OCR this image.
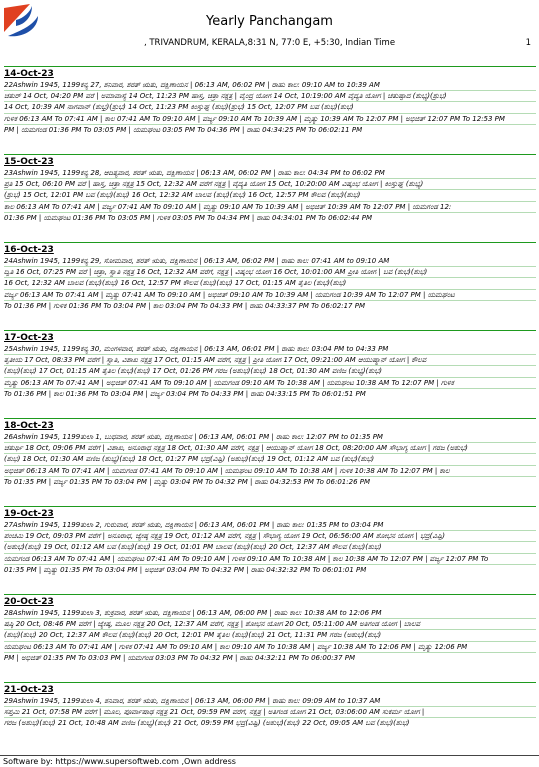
Yearly Panchangam
, TRIVANDRUM, KERALA,8:31 N, 77:0 E, +5:30, Indian Time	1
14-Oct-23
22Ashwin 1945, 1199ಕನ್ಯ 27, ಶನಿವಾರ, ಶರತ್ ಋತು, ದಕ್ಷಿಣಾಯನ | 06:13 AM, 06:02 PM | ರಾಹು ಕಾಲ: 09:10 AM to 10:39 AM
ಚತುರ್ 14 Oct, 04:20 PM ವರೆ | ಅಮಾವಾಸ್ಯೆ 14 Oct, 11:23 PM ಹಾಸ್ತ, ಚಿತ್ರಾ ನಕ್ಷತ್ರ | ವೈಂದ್ರ ಯೋಗ 14 Oct, 10:19:00 AM ವೈದ್ಯತಿ ಯೋಗ | ಚತುಷ್ಪಾದ (ಶುಭ್ಯ)(ಶ್ರುಭ)
14 Oct, 10:39 AM ನಾಗವಾನ್ (ಶುಭ್ರ)(ಶ್ರುಭ) 14 Oct, 11:23 PM ಕಿಂಸ್ತುಘ್ನ (ಶುಭ)(ಶ್ರುಭ) 15 Oct, 12:07 PM ಬವ (ಶುಭ)(ಶುಭ)
ಗುಳಿಕ 06:13 AM To 07:41 AM | ಕಾಲ 07:41 AM To 09:10 AM | ವರ್ಜ್ಯ 09:10 AM To 10:39 AM | ಮೃತ್ಯು 10:39 AM To 12:07 PM | ಅಭಿಜಿತ್ 12:07 PM To 12:53 PM
PM | ಯಮಗಂಡ 01:36 PM To 03:05 PM | ಯಮಘಂಟ 03:05 PM To 04:36 PM | ರಾಹು 04:34:25 PM To 06:02:11 PM
15-Oct-23
23Ashwin 1945, 1199ಕನ್ಯ 28, ಆದಿತ್ಯವಾರ, ಶರತ್ ಋತು, ದಕ್ಷಿಣಾಯನ | 06:13 AM, 06:02 PM | ರಾಹು ಕಾಲ: 04:34 PM to 06:02 PM
ಪ್ರತಿ 15 Oct, 06:10 PM ವರೆ | ಹಾಸ್ತ, ಚಿತ್ರಾ ನಕ್ಷತ್ರ 15 Oct, 12:32 AM ವರೆಗೆ ನಕ್ಷತ್ರ | ವೈದ್ಯತಿ ಯೋಗ 15 Oct, 10:20:00 AM ವಿಷ್ಕಂಭ ಯೋಗ | ಕಿಂಸ್ತುಘ್ನ (ಶುಭ್ಯ)
(ಶ್ರುಭ) 15 Oct, 12:01 PM ಬವ (ಶುಭ)(ಶುಭ) 16 Oct, 12:32 AM ಬಾಲವ (ಶುಭ)(ಶುಭ) 16 Oct, 12:57 PM ಕೌಲವ (ಶುಭ)(ಶುಭ)
ಕಾಲ 06:13 AM To 07:41 AM | ವರ್ಜ್ಯ 07:41 AM To 09:10 AM | ಮೃತ್ಯು 09:10 AM To 10:39 AM | ಅಭಿಜಿತ್ 10:39 AM To 12:07 PM | ಯಮಗಂಡ 12:
01:36 PM | ಯಮಘಂಟ 01:36 PM To 03:05 PM | ಗುಳಿಕ 03:05 PM To 04:34 PM | ರಾಹು 04:34:01 PM To 06:02:44 PM
16-Oct-23
24Ashwin 1945, 1199ಕನ್ಯ 29, ಸೋಮವಾರ, ಶರತ್ ಋತು, ದಕ್ಷಿಣಾಯನ | 06:13 AM, 06:02 PM | ರಾಹು ಕಾಲ: 07:41 AM to 09:10 AM
ದ್ವಿತಿ 16 Oct, 07:25 PM ವರೆ | ಚಿತ್ರಾ, ಸ್ವಾತಿ ನಕ್ಷತ್ರ 16 Oct, 12:32 AM ವರೆಗೆ, ನಕ್ಷತ್ರ | ವಿಷ್ಕಂಭ ಯೋಗ 16 Oct, 10:01:00 AM ಪ್ರೀತಿ ಯೋಗ | ಬವ (ಶುಭ)(ಶುಭ)
16 Oct, 12:32 AM ಬಾಲವ (ಶುಭ)(ಶುಭ) 16 Oct, 12:57 PM ಕೌಲವ (ಶುಭ)(ಶುಭ) 17 Oct, 01:15 AM ತೈತಿಲ (ಶುಭ)(ಶುಭ)
ವರ್ಜ್ಯ 06:13 AM To 07:41 AM | ಮೃತ್ಯು 07:41 AM To 09:10 AM | ಅಭಿಜಿತ್ 09:10 AM To 10:39 AM | ಯಮಗಂಡ 10:39 AM To 12:07 PM | ಯಮಘಂಟ
To 01:36 PM | ಗುಳಿಕ 01:36 PM To 03:04 PM | ಕಾಲ 03:04 PM To 04:33 PM | ರಾಹು 04:33:37 PM To 06:02:17 PM
17-Oct-23
25Ashwin 1945, 1199ಕನ್ಯ 30, ಮಂಗಳವಾರ, ಶರತ್ ಋತು, ದಕ್ಷಿಣಾಯನ | 06:13 AM, 06:01 PM | ರಾಹು ಕಾಲ: 03:04 PM to 04:33 PM
ತೃತೀಯ 17 Oct, 08:33 PM ವರೆಗೆ | ಸ್ವಾತಿ, ವಿಶಾಖ ನಕ್ಷತ್ರ 17 Oct, 01:15 AM ವರೆಗೆ, ನಕ್ಷತ್ರ | ಪ್ರೀತಿ ಯೋಗ 17 Oct, 09:21:00 AM ಆಯುಷ್ಮಾನ್ ಯೋಗ | ಕೌಲವ
(ಶುಭ)(ಶುಭ) 17 Oct, 01:15 AM ತೈತಿಲ (ಶುಭ)(ಶುಭ) 17 Oct, 01:26 PM ಗರಜ (ಅಶುಭ)(ಶುಭ) 18 Oct, 01:30 AM ವಣಿಜ (ಶುಭ್ಯ)(ಶುಭ)
ಮೃತ್ಯು 06:13 AM To 07:41 AM | ಅಭಿಜಿತ್ 07:41 AM To 09:10 AM | ಯಮಗಂಡ 09:10 AM To 10:38 AM | ಯಮಘಂಟ 10:38 AM To 12:07 PM | ಗುಳಿಕ
To 01:36 PM | ಕಾಲ 01:36 PM To 03:04 PM | ವರ್ಜ್ಯ 03:04 PM To 04:33 PM | ರಾಹು 04:33:15 PM To 06:01:51 PM
18-Oct-23
26Ashwin 1945, 1199ತುಲಾ 1, ಬುಧವಾರ, ಶರತ್ ಋತು, ದಕ್ಷಿಣಾಯನ | 06:13 AM, 06:01 PM | ರಾಹು ಕಾಲ: 12:07 PM to 01:35 PM
ಚತುರ್ಥಿ 18 Oct, 09:06 PM ವರೆಗೆ | ವಿಶಾಖ, ಅನೂರಾಧ ನಕ್ಷತ್ರ 18 Oct, 01:30 AM ವರೆಗೆ, ನಕ್ಷತ್ರ | ಆಯುಷ್ಮಾನ್ ಯೋಗ 18 Oct, 08:20:00 AM ಸೌಭಾಗ್ಯ ಯೋಗ | ಗರಜ (ಅಶುಭ)
(ಶುಭ) 18 Oct, 01:30 AM ವಣಿಜ (ಶುಭ್ಯ)(ಶುಭ) 18 Oct, 01:27 PM ಭದ್ರ(ವಿಷ್ಟಿ) (ಅಶುಭ)(ಶುಭ) 19 Oct, 01:12 AM ಬವ (ಶುಭ)(ಶುಭ)
ಅಭಿಜಿತ್ 06:13 AM To 07:41 AM | ಯಮಗಂಡ 07:41 AM To 09:10 AM | ಯಮಘಂಟ 09:10 AM To 10:38 AM | ಗುಳಿಕ 10:38 AM To 12:07 PM | ಕಾಲ
To 01:35 PM | ವರ್ಜ್ಯ 01:35 PM To 03:04 PM | ಮೃತ್ಯು 03:04 PM To 04:32 PM | ರಾಹು 04:32:53 PM To 06:01:26 PM
19-Oct-23
27Ashwin 1945, 1199ತುಲಾ 2, ಗುರುವಾರ, ಶರತ್ ಋತು, ದಕ್ಷಿಣಾಯನ | 06:13 AM, 06:01 PM | ರಾಹು ಕಾಲ: 01:35 PM to 03:04 PM
ಪಂಚಮಿ 19 Oct, 09:03 PM ವರೆಗೆ | ಅನೂರಾಧ, ಜ್ಯೇಷ್ಠ ನಕ್ಷತ್ರ 19 Oct, 01:12 AM ವರೆಗೆ, ನಕ್ಷತ್ರ | ಸೌಭಾಗ್ಯ ಯೋಗ 19 Oct, 06:56:00 AM ಶೋಭನ ಯೋಗ | ಭದ್ರ(ವಿಷ್ಟಿ)
(ಅಶುಭ)(ಶುಭ) 19 Oct, 01:12 AM ಬವ (ಶುಭ)(ಶುಭ) 19 Oct, 01:01 PM ಬಾಲವ (ಶುಭ)(ಶುಭ) 20 Oct, 12:37 AM ಕೌಲವ (ಶುಭ)(ಶುಭ)
ಯಮಗಂಡ 06:13 AM To 07:41 AM | ಯಮಘಂಟ 07:41 AM To 09:10 AM | ಗುಳಿಕ 09:10 AM To 10:38 AM | ಕಾಲ 10:38 AM To 12:07 PM | ವರ್ಜ್ಯ 12:07 PM To
01:35 PM | ಮೃತ್ಯು 01:35 PM To 03:04 PM | ಅಭಿಜಿತ್ 03:04 PM To 04:32 PM | ರಾಹು 04:32:32 PM To 06:01:01 PM
20-Oct-23
28Ashwin 1945, 1199ತುಲಾ 3, ಶುಕ್ರವಾರ, ಶರತ್ ಋತು, ದಕ್ಷಿಣಾಯನ | 06:13 AM, 06:00 PM | ರಾಹು ಕಾಲ: 10:38 AM to 12:06 PM
ಷಷ್ಠಿ 20 Oct, 08:46 PM ವರೆಗೆ | ಜ್ಯೇಷ್ಠ, ಮೂಲ ನಕ್ಷತ್ರ 20 Oct, 12:37 AM ವರೆಗೆ, ನಕ್ಷತ್ರ | ಶೋಭನ ಯೋಗ 20 Oct, 05:11:00 AM ಅತಿಗಂಡ ಯೋಗ | ಬಾಲವ
(ಶುಭ)(ಶುಭ) 20 Oct, 12:37 AM ಕೌಲವ (ಶುಭ)(ಶುಭ) 20 Oct, 12:01 PM ತೈತಿಲ (ಶುಭ)(ಶುಭ) 21 Oct, 11:31 PM ಗರಜ (ಅಶುಭ)(ಶುಭ)
ಯಮಘಂಟ 06:13 AM To 07:41 AM | ಗುಳಿಕ 07:41 AM To 09:10 AM | ಕಾಲ 09:10 AM To 10:38 AM | ವರ್ಜ್ಯ 10:38 AM To 12:06 PM | ಮೃತ್ಯು 12:06 PM
PM | ಅಭಿಜಿತ್ 01:35 PM To 03:03 PM | ಯಮಗಂಡ 03:03 PM To 04:32 PM | ರಾಹು 04:32:11 PM To 06:00:37 PM
21-Oct-23
29Ashwin 1945, 1199ತುಲಾ 4, ಶನಿವಾರ, ಶರತ್ ಋತು, ದಕ್ಷಿಣಾಯನ | 06:13 AM, 06:00 PM | ರಾಹು ಕಾಲ: 09:09 AM to 10:37 AM
ಸಪ್ತಮಿ 21 Oct, 07:58 PM ವರೆಗೆ | ಮೂಲ, ಪೂರ್ವಾಷಾಢ ನಕ್ಷತ್ರ 21 Oct, 09:59 PM ವರೆಗೆ, ನಕ್ಷತ್ರ | ಅತಿಗಂಡ ಯೋಗ 21 Oct, 03:06:00 AM ಸುಕರ್ಮ ಯೋಗ |
ಗರಜ (ಅಶುಭ)(ಶುಭ) 21 Oct, 10:48 AM ವಣಿಜ (ಶುಭ್ಯ)(ಶುಭ) 21 Oct, 09:59 PM ಭದ್ರ(ವಿಷ್ಟಿ) (ಅಶುಭ)(ಶುಭ) 22 Oct, 09:05 AM ಬವ (ಶುಭ)(ಶುಭ)
Software by: https://www.supersoftweb.com ,Own address
